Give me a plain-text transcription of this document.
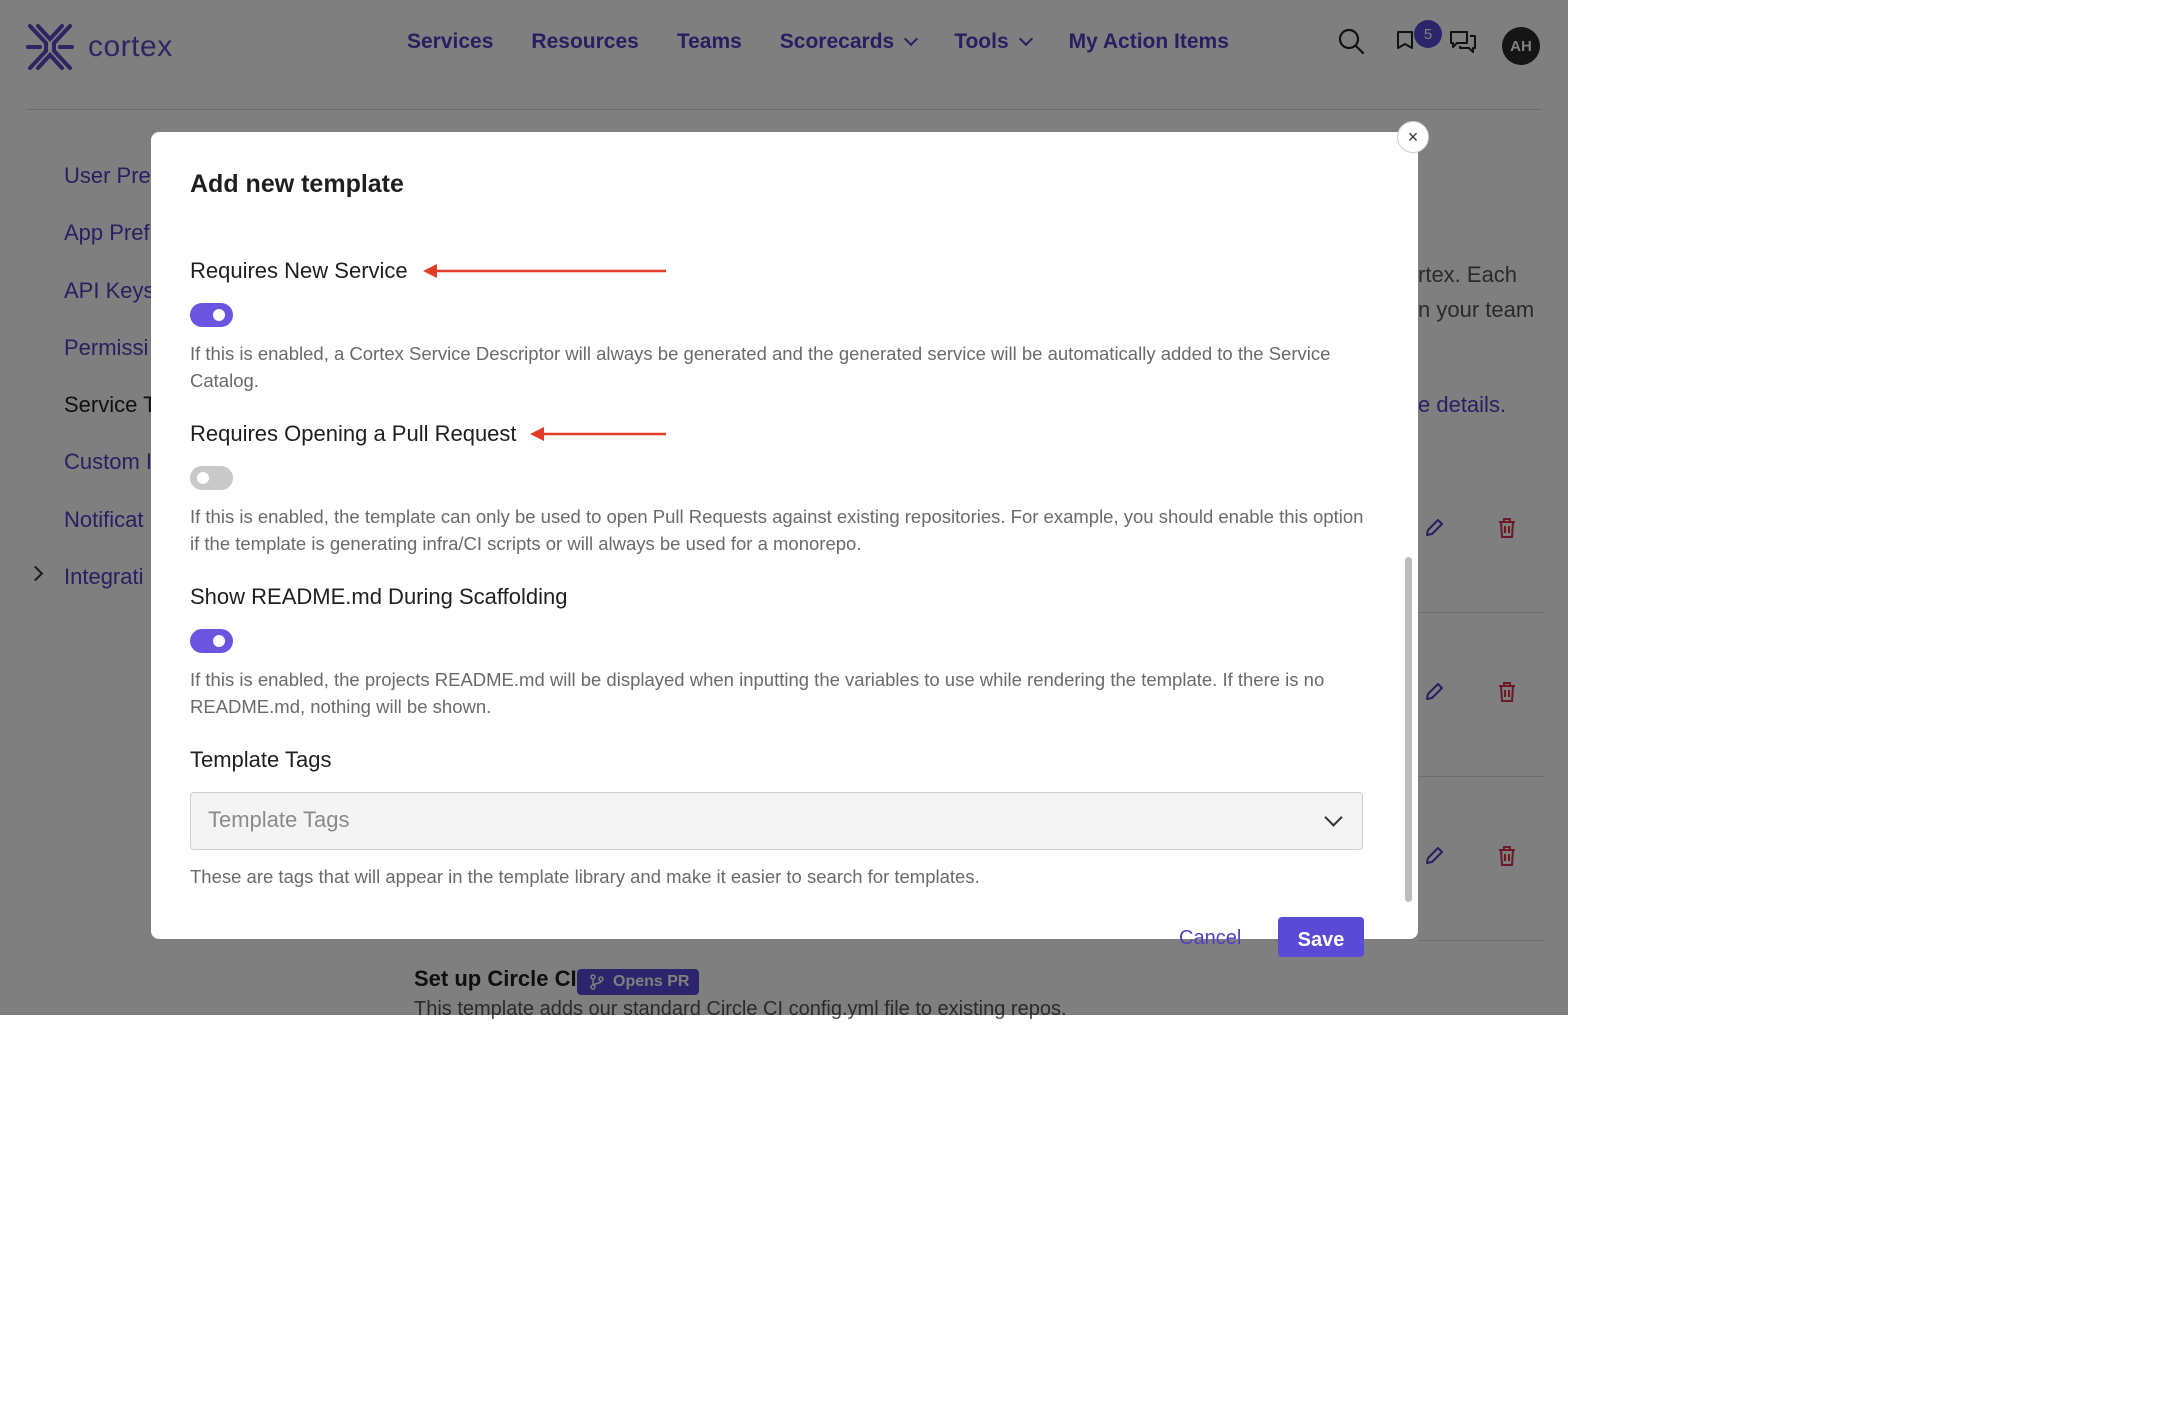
Add new template
Requires New Service
If this is enabled, a Cortex Service Descriptor will always be generated and the generated service will be automatically added to the Service Catalog.
Requires Opening a Pull Request
If this is enabled, the template can only be used to open Pull Requests against existing repositories. For example, you should enable this option if the template is generating infra/CI scripts or will always be used for a monorepo.
Show README.md During Scaffolding
If this is enabled, the projects README.md will be displayed when inputting the variables to use while rendering the template. If there is no README.md, nothing will be shown.
Template Tags
Template Tags
These are tags that will appear in the template library and make it easier to search for templates.
Cancel	Save
×
